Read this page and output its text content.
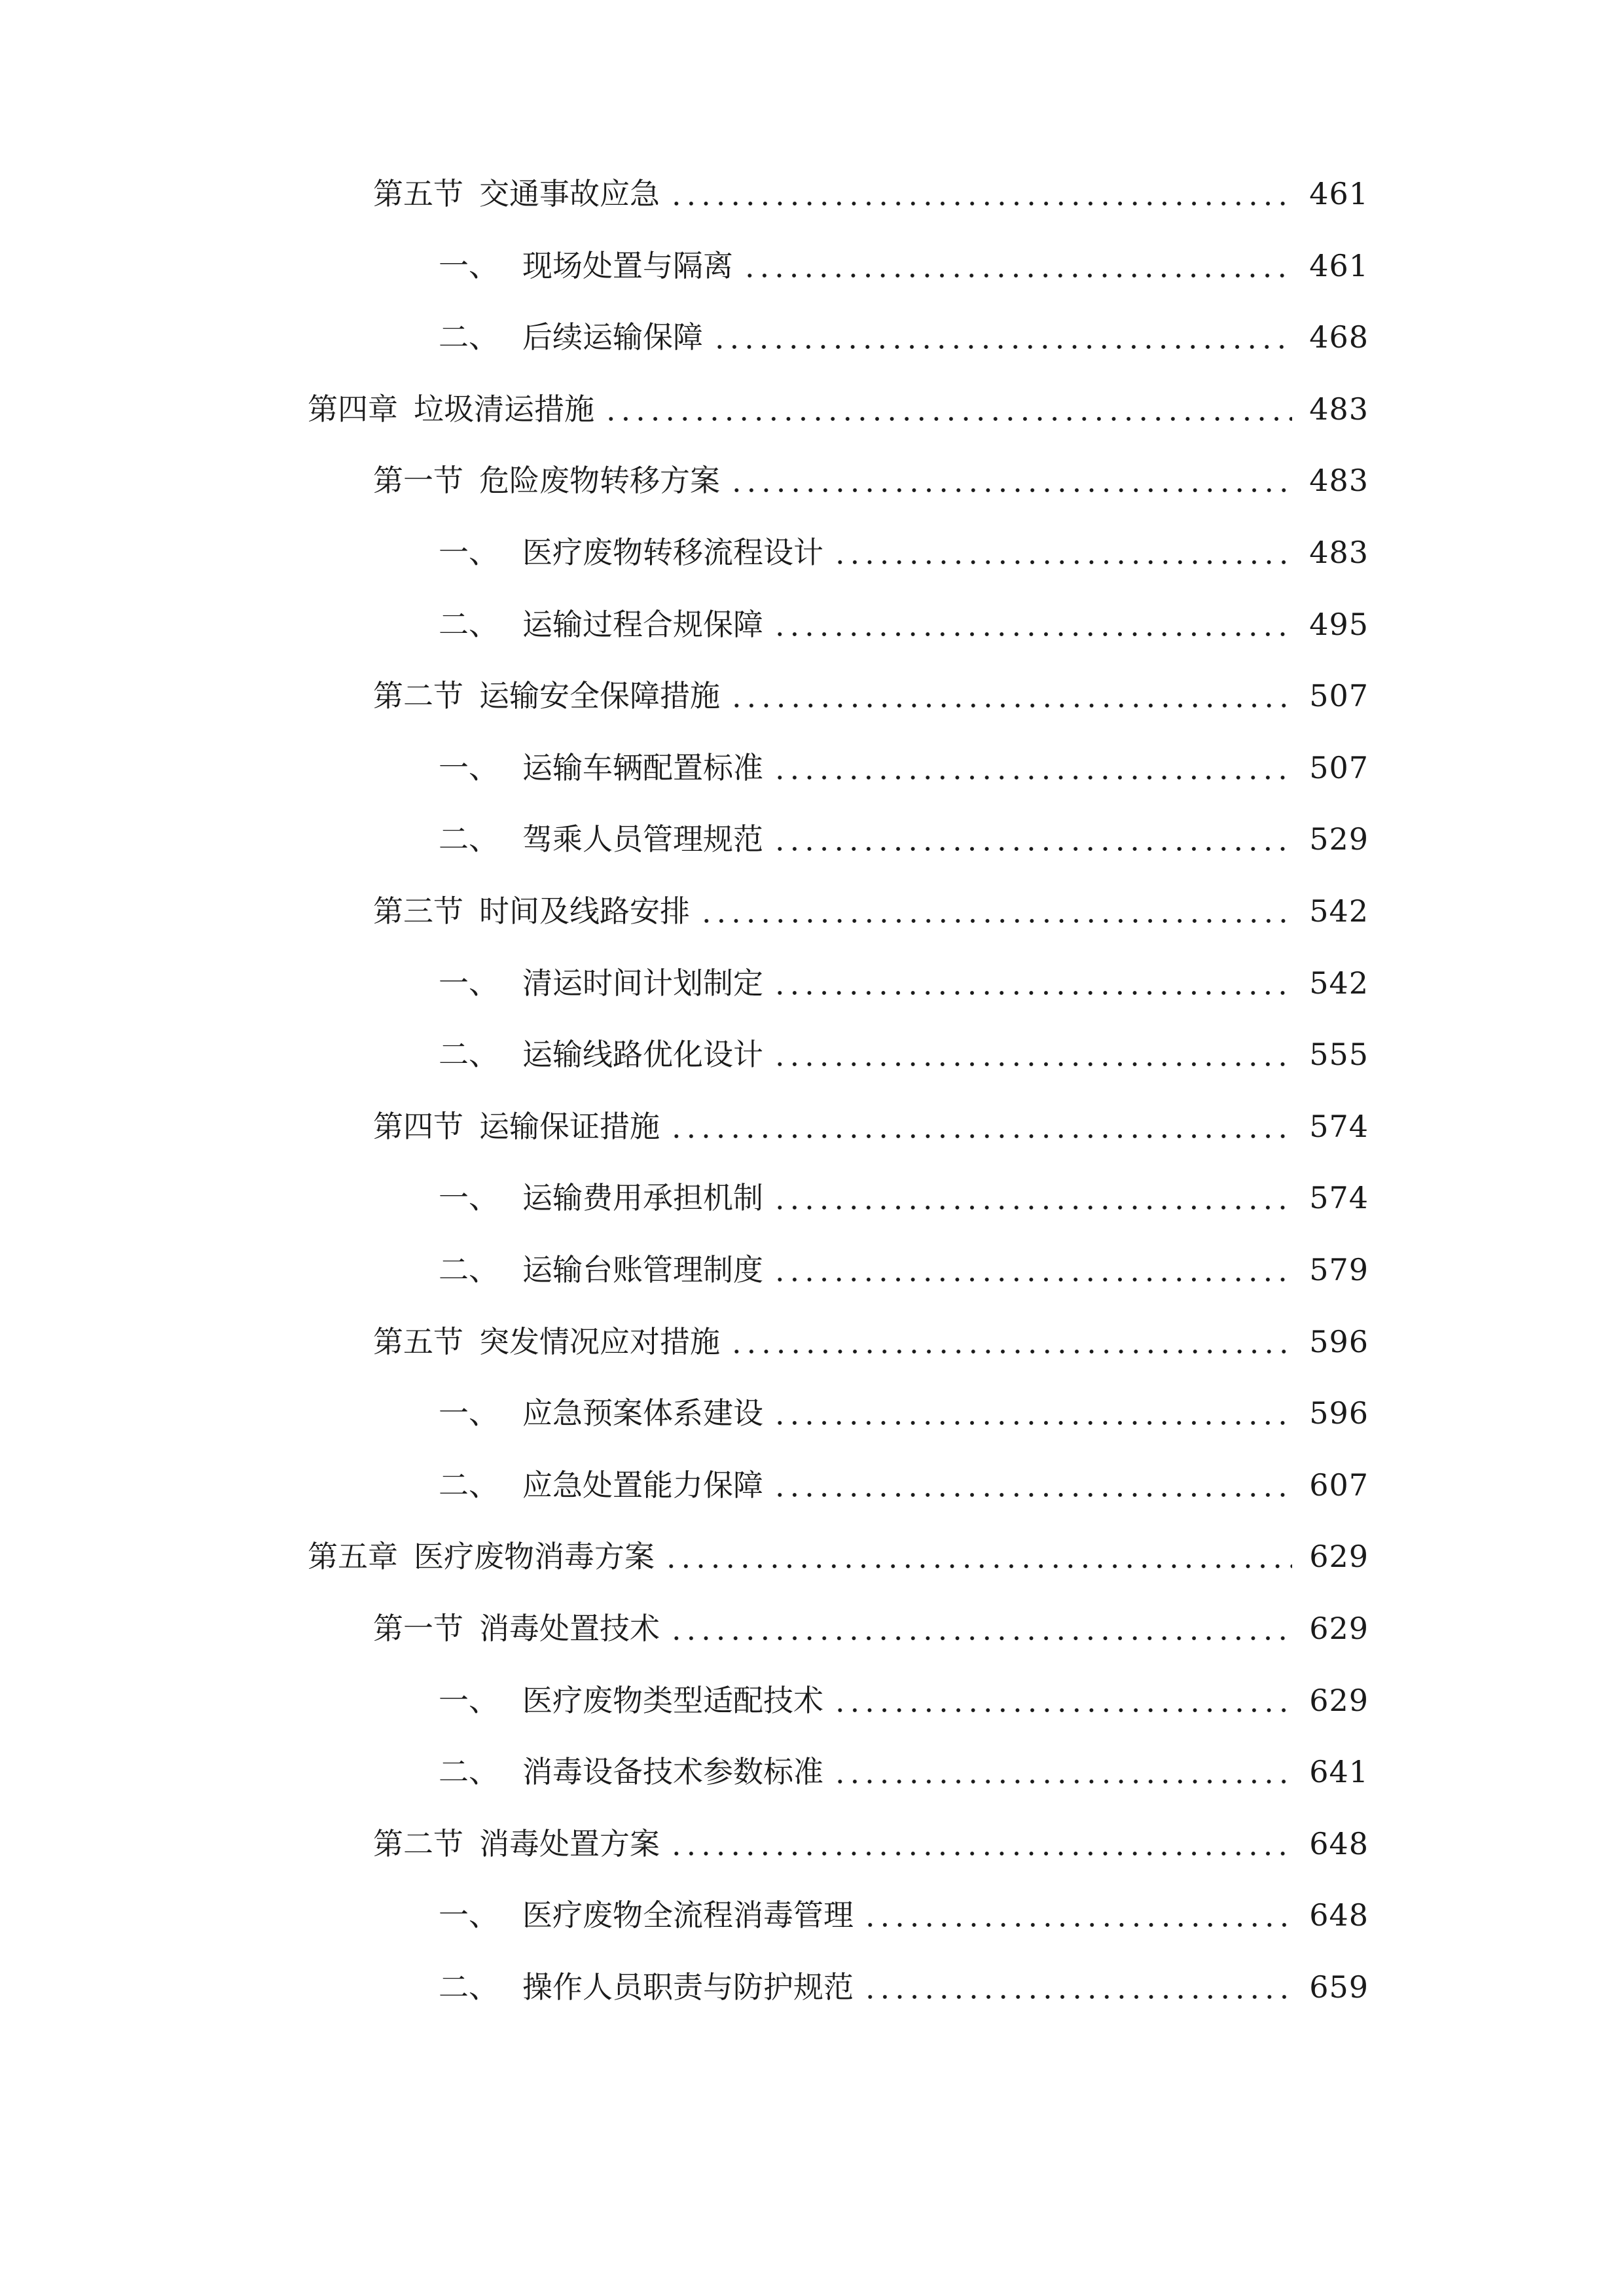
第五节 交通事故应急	461
一、 现场处置与隔离	461
二、 后续运输保障	468
第四章 垃圾清运措施	483
第一节 危险废物转移方案	483
一、 医疗废物转移流程设计	483
二、 运输过程合规保障	495
第二节 运输安全保障措施	507
一、 运输车辆配置标准	507
二、 驾乘人员管理规范	529
第三节 时间及线路安排	542
一、 清运时间计划制定	542
二、 运输线路优化设计	555
第四节 运输保证措施	574
一、 运输费用承担机制	574
二、 运输台账管理制度	579
第五节 突发情况应对措施	596
一、 应急预案体系建设	596
二、 应急处置能力保障	607
第五章 医疗废物消毒方案	629
第一节 消毒处置技术	629
一、 医疗废物类型适配技术	629
二、 消毒设备技术参数标准	641
第二节 消毒处置方案	648
一、 医疗废物全流程消毒管理	648
二、 操作人员职责与防护规范	659
